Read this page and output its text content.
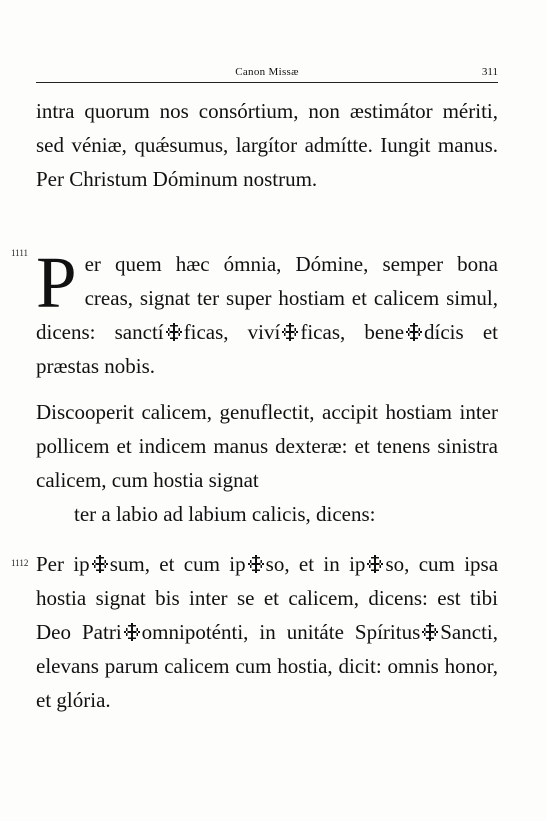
Canon Missæ	311
intra quorum nos consórtium, non æstimátor mériti, sed véniæ, quǽsumus, largítor admítte. Iungit manus. Per Christum Dóminum nostrum.
1111 Per quem hæc ómnia, Dómine, semper bona creas, signat ter super hostiam et calicem simul, dicens: sanctí ficas, viví ficas, bene dícis et præstas nobis.
Discooperit calicem, genuflectit, accipit hostiam inter pollicem et indicem manus dexteræ: et tenens sinistra calicem, cum hostia signat
ter a labio ad labium calicis, dicens:
1112 Per ip sum, et cum ip so, et in ip so, cum ipsa hostia signat bis inter se et calicem, dicens: est tibi Deo Patri omnipoténti, in unitáte Spíritus Sancti, elevans parum calicem cum hostia, dicit: omnis honor, et glória.
